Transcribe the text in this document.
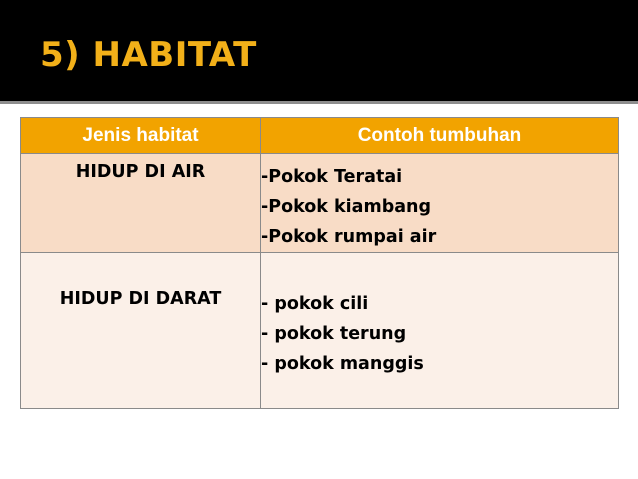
5) HABITAT
Jenis habitat	Contoh tumbuhan
HIDUP DI AIR	-Pokok Teratai
-Pokok kiambang
-Pokok rumpai air

HIDUP DI DARAT	- pokok cili
- pokok terung
- pokok manggis
